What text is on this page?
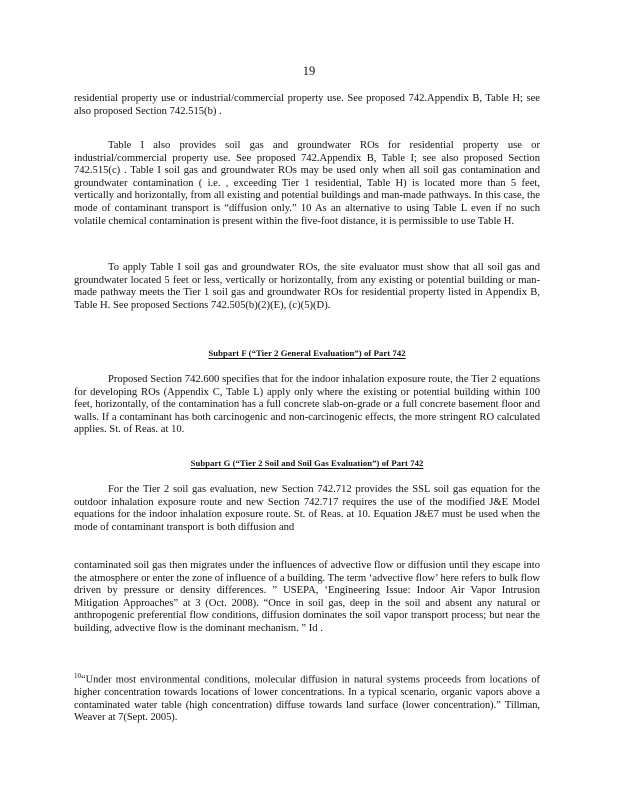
19
residential property use or industrial/commercial property use. See proposed 742.Appendix B, Table H; see also proposed Section 742.515(b) .
Table I also provides soil gas and groundwater ROs for residential property use or industrial/commercial property use. See proposed 742.Appendix B, Table I; see also proposed Section 742.515(c) . Table I soil gas and groundwater ROs may be used only when all soil gas contamination and groundwater contamination ( i.e. , exceeding Tier 1 residential, Table H) is located more than 5 feet, vertically and horizontally, from all existing and potential buildings and man-made pathways. In this case, the mode of contaminant transport is “diffusion only.” 10 As an alternative to using Table L even if no such volatile chemical contamination is present within the five-foot distance, it is permissible to use Table H.
To apply Table I soil gas and groundwater ROs, the site evaluator must show that all soil gas and groundwater located 5 feet or less, vertically or horizontally, from any existing or potential building or man-made pathway meets the Tier 1 soil gas and groundwater ROs for residential property listed in Appendix B, Table H. See proposed Sections 742.505(b)(2)(E), (c)(5)(D).
Subpart F (“Tier 2 General Evaluation”) of Part 742
Proposed Section 742.600 specifies that for the indoor inhalation exposure route, the Tier 2 equations for developing ROs (Appendix C, Table L) apply only where the existing or potential building within 100 feet, horizontally, of the contamination has a full concrete slab-on-grade or a full concrete basement floor and walls. If a contaminant has both carcinogenic and non-carcinogenic effects, the more stringent RO calculated applies. St. of Reas. at 10.
Subpart G (“Tier 2 Soil and Soil Gas Evaluation”) of Part 742
For the Tier 2 soil gas evaluation, new Section 742.712 provides the SSL soil gas equation for the outdoor inhalation exposure route and new Section 742.717 requires the use of the modified J&E Model equations for the indoor inhalation exposure route. St. of Reas. at 10. Equation J&E7 must be used when the mode of contaminant transport is both diffusion and
contaminated soil gas then migrates under the influences of advective flow or diffusion until they escape into the atmosphere or enter the zone of influence of a building. The term ‘advective flow’ here refers to bulk flow driven by pressure or density differences. ” USEPA, ‘Engineering Issue: Indoor Air Vapor Intrusion Mitigation Approaches” at 3 (Oct. 2008). “Once in soil gas, deep in the soil and absent any natural or anthropogenic preferential flow conditions, diffusion dominates the soil vapor transport process; but near the building, advective flow is the dominant mechanism. ” Id .
$^{10}$“Under most environmental conditions, molecular diffusion in natural systems proceeds from locations of higher concentration towards locations of lower concentrations. In a typical scenario, organic vapors above a contaminated water table (high concentration) diffuse towards land surface (lower concentration).” Tillman, Weaver at 7(Sept. 2005).
